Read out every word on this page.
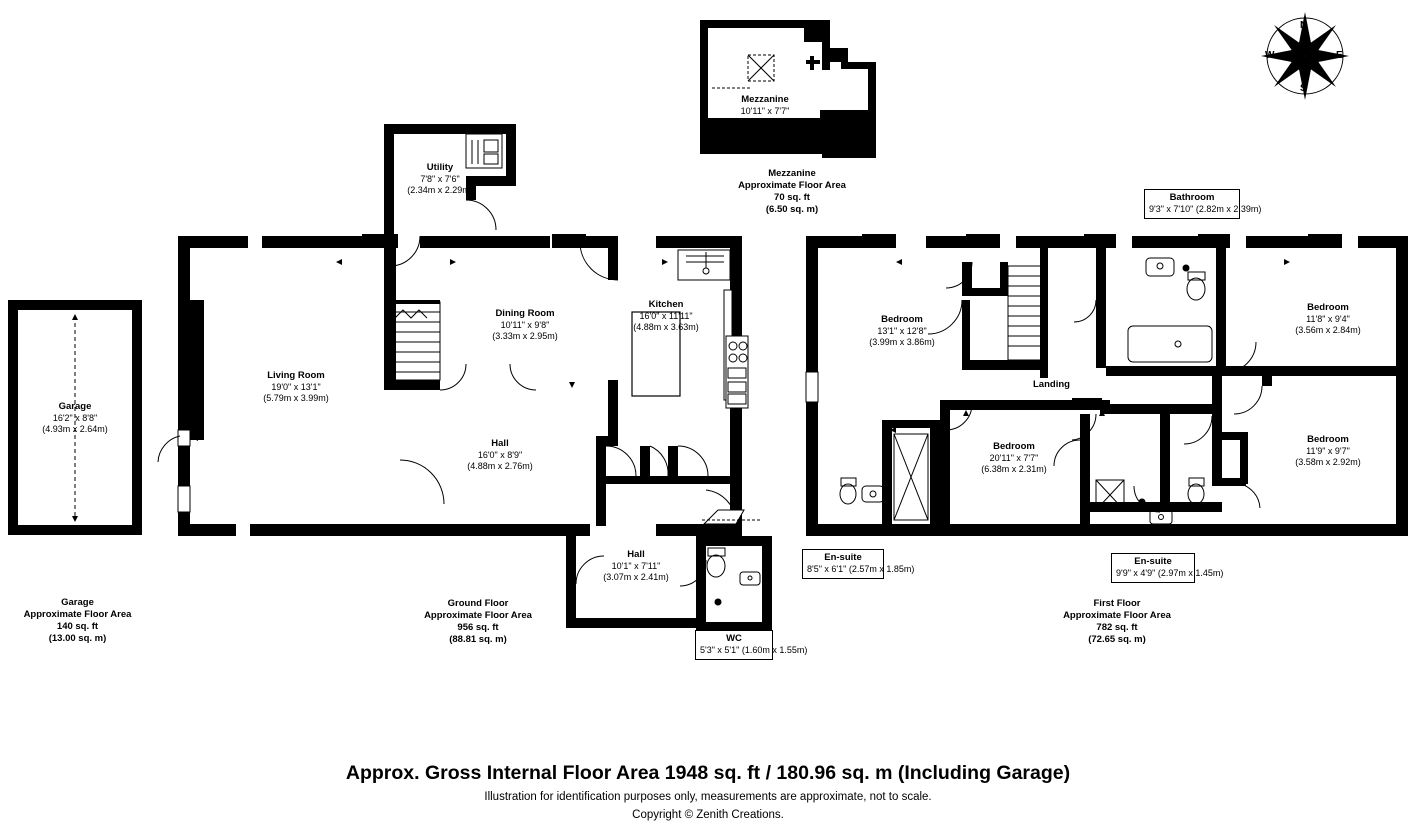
N
S
E
W
Mezzanine
10'11" x 7'7"
(3.33m x 2.31m)
Mezzanine
Approximate Floor Area
70 sq. ft
(6.50 sq. m)
Garage
16'2" x 8'8"
(4.93m x 2.64m)
Garage
Approximate Floor Area
140 sq. ft
(13.00 sq. m)
Utility
7'8" x 7'6"
(2.34m x 2.29m)
Dining Room
10'11" x 9'8"
(3.33m x 2.95m)
Kitchen
16'0" x 11'11"
(4.88m x 3.63m)
Living Room
19'0" x 13'1"
(5.79m x 3.99m)
Hall
16'0" x 8'9"
(4.88m x 2.76m)
Hall
10'1" x 7'11"
(3.07m x 2.41m)
WC
5'3" x 5'1" (1.60m x 1.55m)
Ground Floor
Approximate Floor Area
956 sq. ft
(88.81 sq. m)
Bathroom
9'3" x 7'10" (2.82m x 2.39m)
Bedroom
13'1" x 12'8"
(3.99m x 3.86m)
Bedroom
11'8" x 9'4"
(3.56m x 2.84m)
Bedroom
20'11" x 7'7"
(6.38m x 2.31m)
Bedroom
11'9" x 9'7"
(3.58m x 2.92m)
En-suite
8'5" x 6'1" (2.57m x 1.85m)
En-suite
9'9" x 4'9" (2.97m x 1.45m)
Landing
First Floor
Approximate Floor Area
782 sq. ft
(72.65 sq. m)
Approx. Gross Internal Floor Area 1948 sq. ft / 180.96 sq. m (Including Garage)
Illustration for identification purposes only, measurements are approximate, not to scale.
Copyright © Zenith Creations.
